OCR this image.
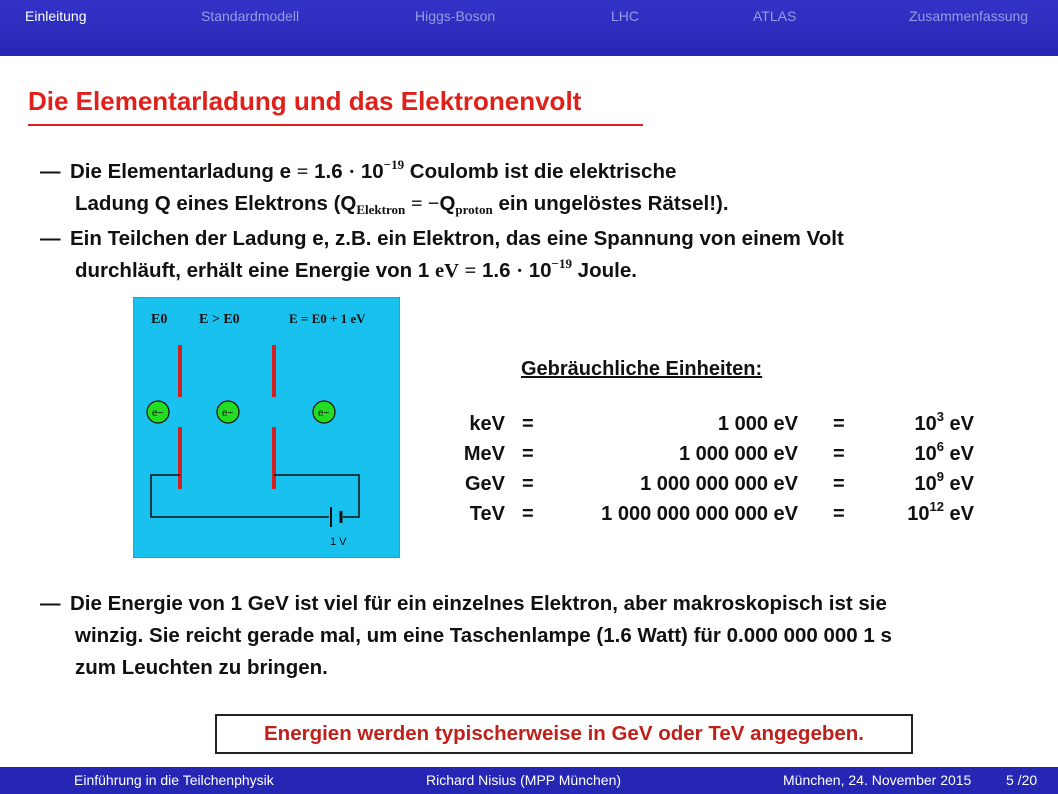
Einleitung	Standardmodell	Higgs-Boson	LHC	ATLAS	Zusammenfassung
Die Elementarladung und das Elektronenvolt
— Die Elementarladung $e = 1.6 \cdot 10^{-19}$ Coulomb ist die elektrische
Ladung Q eines Elektrons ($Q_{Elektron} = -Q_{proton}$ ein ungelöstes Rätsel!).
— Ein Teilchen der Ladung e, z.B. ein Elektron, das eine Spannung von einem Volt
durchläuft, erhält eine Energie von 1 eV = $1.6 \cdot 10^{-19}$ Joule.
E0 E > E0	E = E0 + 1 eV
1 V
e−	e−	e−
Gebräuchliche Einheiten:
keV =	1 000 eV =	$10^3$ eV
MeV =	1 000 000 eV =	$10^6$ eV
GeV =	1 000 000 000 eV =	$10^9$ eV
TeV =	1 000 000 000 000 eV =	$10^{12}$ eV
— Die Energie von 1 GeV ist viel für ein einzelnes Elektron, aber makroskopisch ist sie
winzig. Sie reicht gerade mal, um eine Taschenlampe (1.6 Watt) für 0.000 000 000 1 s
zum Leuchten zu bringen.
Energien werden typischerweise in GeV oder TeV angegeben.
Einführung in die Teilchenphysik	Richard Nisius (MPP München)	München, 24. November 2015 5 /20
